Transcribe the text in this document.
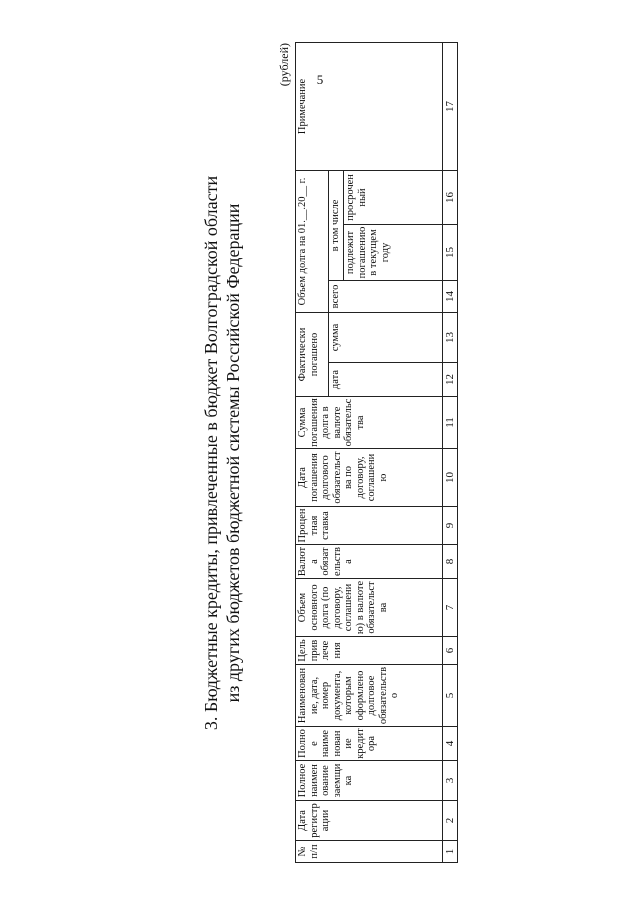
5
3. Бюджетные кредиты, привлеченные в бюджет Волгоградской области из других бюджетов бюджетной системы Российской Федерации
(рублей)
№ п/п	Дата регистрации	Полное наименование заемщика	Полное наименование кредитора	Наименование, дата, номер документа, которым оформлено долговое обязательство	Цель привлечения	Объем основного долга (по договору, соглашению) в валюте обязательства	Валюта обязательства	Процентная ставка	Дата погашения долгового обязательства по договору, соглашению	Сумма погашения долга в валюте обязательства	Фактически погашено		Объем долга на 01.__.20__ г.			Примечание
											дата	сумма	всего	в том числе		
														подлежит погашению в текущем году	просроченный	
1	2	3	4	5	6	7	8	9	10	11	12	13	14	15	16	17
